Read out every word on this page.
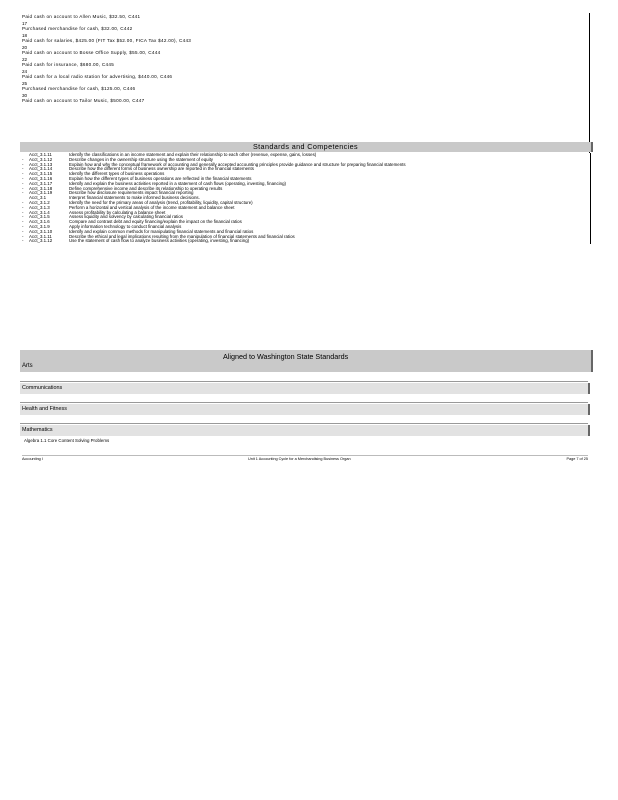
Paid cash on account to Allen Music, $32.50, C441
17
Purchased merchandise for cash, $32.00, C442
18
Paid cash for salaries, $425.00 (FIT Tax $52.00, FICA Tax $42.00), C443
20
Paid cash on account to Bosse Office Supply, $55.00, C444
22
Paid cash for insurance, $680.00, C445
24
Paid cash for a local radio station for advertising, $440.00, C446
25
Purchased merchandise for cash, $125.00, C446
30
Paid cash on account to Tailor Music, $500.00, C447
Standards and Competencies
Acct_3.1.11	Identify the classifications in an income statement and explain their relationship to each other (revenue, expense, gains, losses)
- Acct_3.1.12	Describe changes in the ownership structure using the statement of equity
- Acct_3.1.13	Explain how and why the conceptual framework of accounting and generally accepted accounting principles provide guidance and structure for preparing financial statements
- Acct_3.1.14	Describe how the different forms of business ownership are reported in the financial statements
- Acct_3.1.15	Identify the different types of business operations
- Acct_3.1.16	Explain how the different types of business operations are reflected in the financial statements
- Acct_3.1.17	Identify and explain the business activities reported in a statement of cash flows (operating, investing, financing)
- Acct_3.1.18	Define comprehensive income and describe its relationship to operating results
- Acct_3.1.19	Describe how disclosure requirements impact financial reporting
Acct_3.1	Interpret financial statements to make informed business decisions.
- Acct_3.1.2	Identify the need for the primary areas of analysis (trend, profitability, liquidity, capital structure)
- Acct_3.1.3	Perform a horizontal and vertical analysis of the income statement and balance sheet
- Acct_3.1.4	Assess profitability by calculating a balance sheet
- Acct_3.1.5	Assess liquidity and solvency by calculating financial ratios
- Acct_3.1.6	Compare and contrast debt and equity financing/explain the impact on the financial ratios
- Acct_3.1.9	Apply information technology to conduct financial analysis
- Acct_3.1.10	Identify and explain common methods for manipulating financial statements and financial ratios
- Acct_3.1.11	Describe the ethical and legal implications resulting from the manipulation of financial statements and financial ratios
- Acct_3.1.12	Use the statement of cash flow to analyze business activities (operating, investing, financing)
Aligned to Washington State Standards
Arts
Communications
Health and Fitness
Mathematics
Algebra 1.1 Core Content Solving Problems
Accounting I	Unit 1 Accounting Cycle for a Merchandising Business Organ	Page 7 of 25
